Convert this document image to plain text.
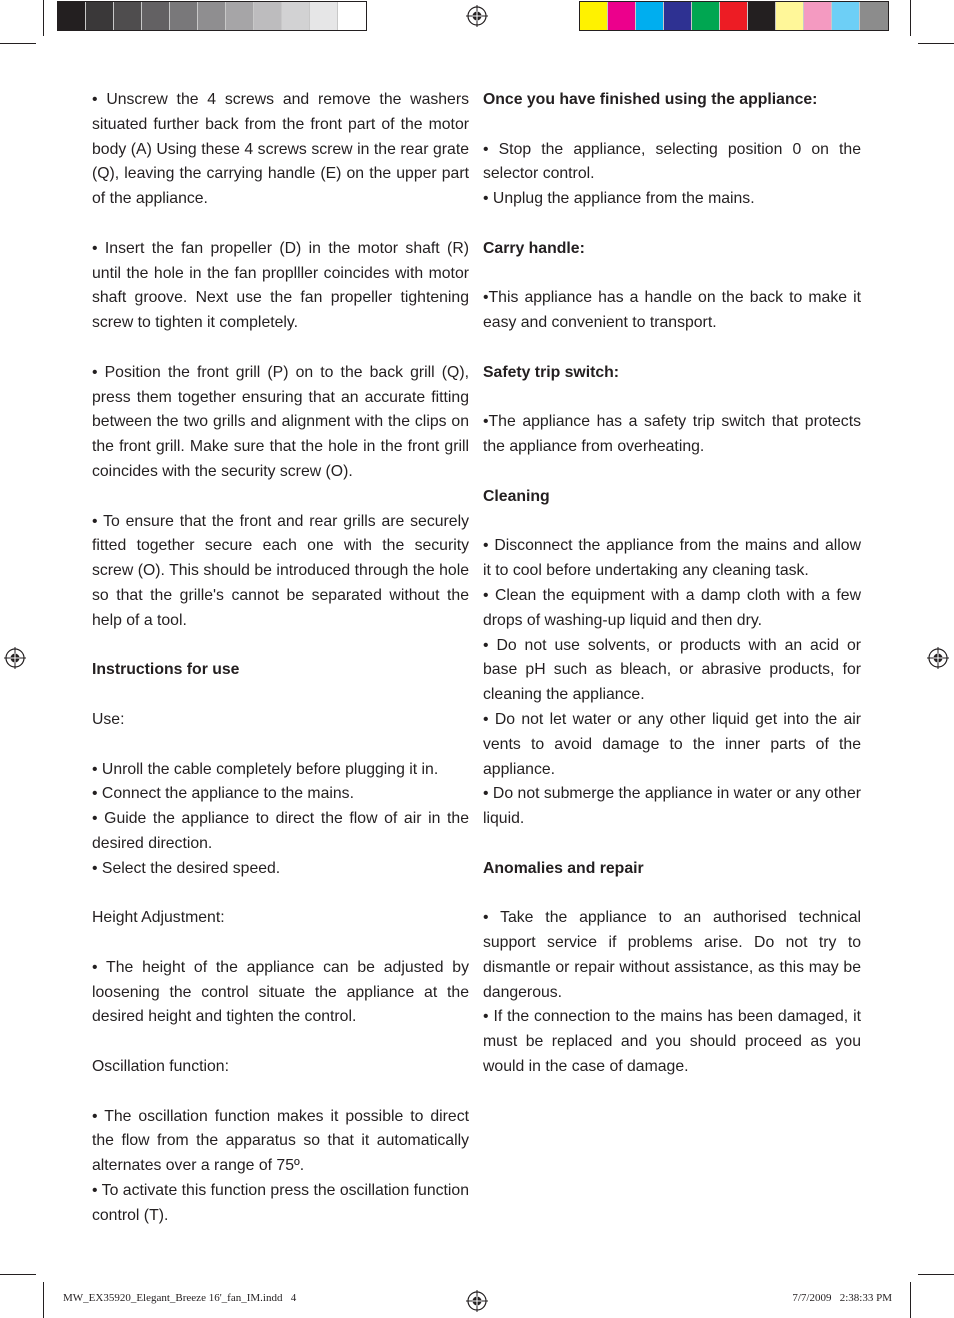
• Unscrew the 4 screws and remove the washers situated further back from the front part of the motor body (A) Using these 4 screws screw in the rear grate (Q), leaving the carrying handle (E) on the upper part of the appliance.

• Insert the fan propeller (D) in the motor shaft (R) until the hole in the fan proplller coincides with motor shaft groove. Next use the fan propeller tightening screw to tighten it completely.

• Position the front grill (P) on to the back grill (Q), press them together ensuring that an accurate fitting between the two grills and alignment with the clips on the front grill. Make sure that the hole in the front grill coincides with the security screw (O).

• To ensure that the front and rear grills are securely fitted together secure each one with the security screw (O). This should be introduced through the hole so that the grille's cannot be separated without the help of a tool.

Instructions for use

Use:

• Unroll the cable completely before plugging it in.

• Connect the appliance to the mains.

• Guide the appliance to direct the flow of air in the desired direction.

• Select the desired speed.

Height Adjustment:

• The height of the appliance can be adjusted by loosening the control situate the appliance at the desired height and tighten the control.

Oscillation function:

• The oscillation function makes it possible to direct the flow from the apparatus so that it automatically alternates over a range of 75º.

• To activate this function press the oscillation function control (T).

Once you have finished using the appliance:

• Stop the appliance, selecting position 0 on the selector control.

• Unplug the appliance from the mains.

Carry handle:

•This appliance has a handle on the back to make it easy and convenient to transport.

Safety trip switch:

•The appliance has a safety trip switch that protects the appliance from overheating.

Cleaning

• Disconnect the appliance from the mains and allow it to cool before undertaking any cleaning task.

• Clean the equipment with a damp cloth with a few drops of washing-up liquid and then dry.

• Do not use solvents, or products with an acid or base pH such as bleach, or abrasive products, for cleaning the appliance.

• Do not let water or any other liquid get into the air vents to avoid damage to the inner parts of the appliance.

• Do not submerge the appliance in water or any other liquid.

Anomalies and repair

• Take the appliance to an authorised technical support service if problems arise. Do not try to dismantle or repair without assistance, as this may be dangerous.

• If the connection to the mains has been damaged, it must be replaced and you should proceed as you would in the case of damage.

MW_EX35920_Elegant_Breeze 16'_fan_IM.indd   4	7/7/2009   2:38:33 PM
